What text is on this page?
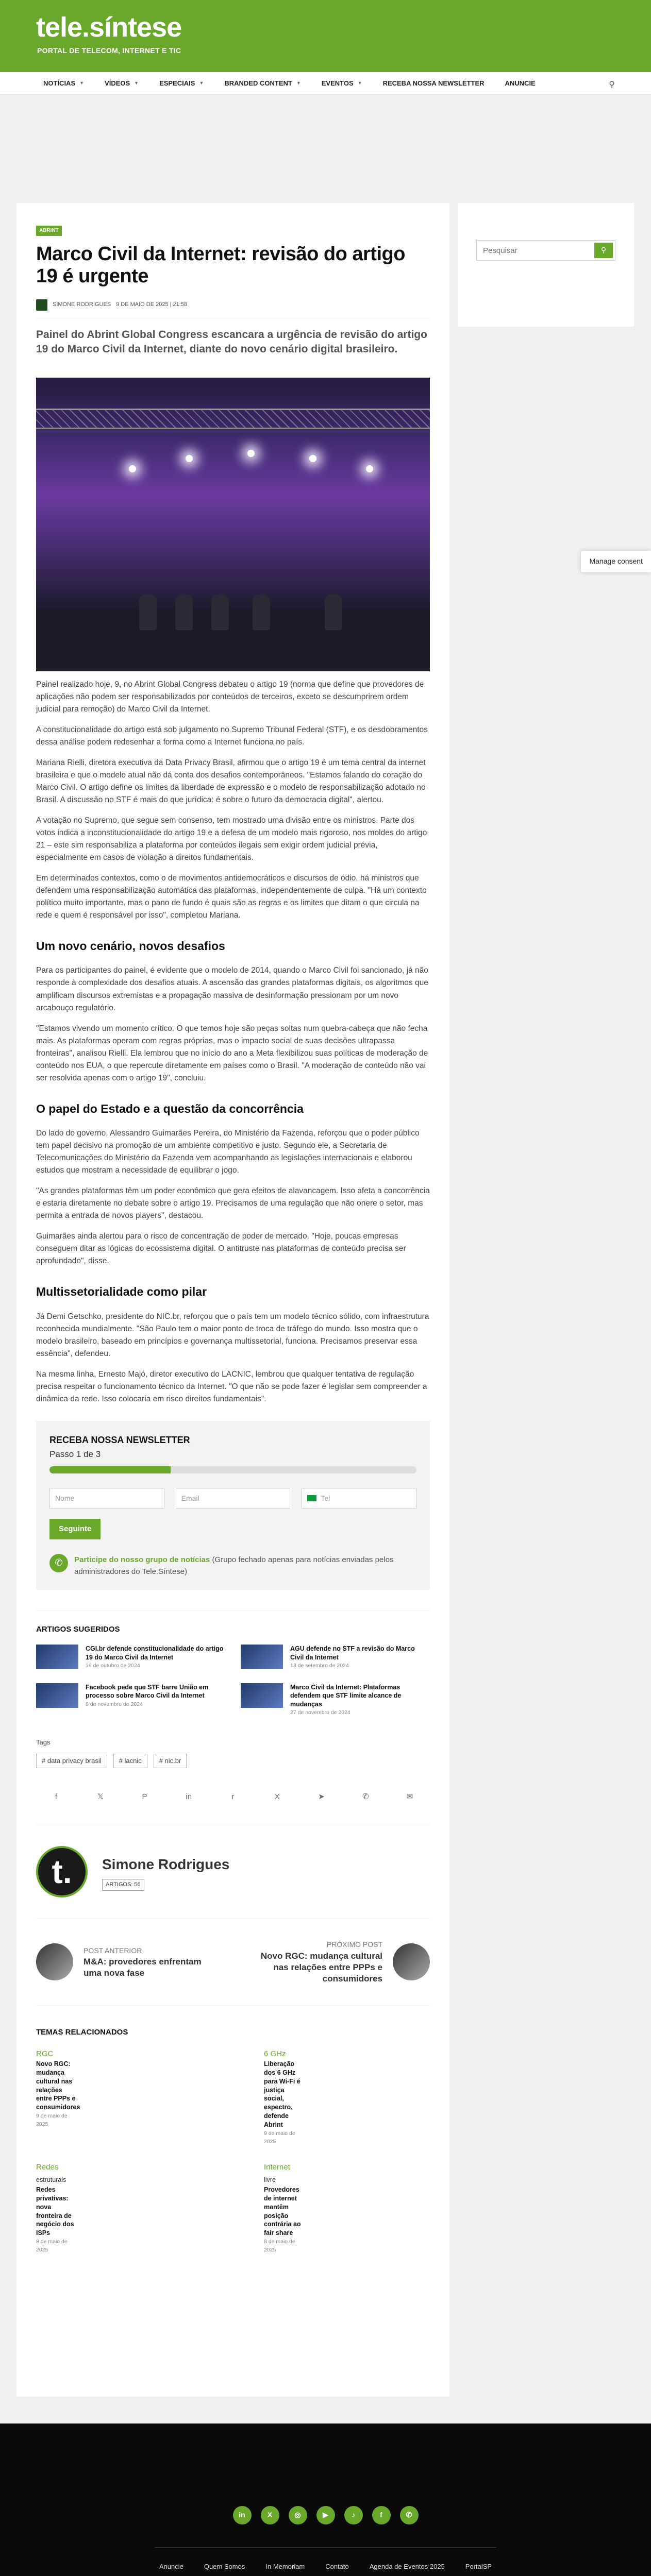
tele.síntese
PORTAL DE TELECOM, INTERNET E TIC
NOTÍCIAS ▼	VÍDEOS ▼	ESPECIAIS ▼	BRANDED CONTENT ▼	EVENTOS ▼	RECEBA NOSSA NEWSLETTER	ANUNCIE	⚲
ABRINT
Marco Civil da Internet: revisão do artigo 19 é urgente
SIMONE RODRIGUES 9 DE MAIO DE 2025 | 21:58
Painel do Abrint Global Congress escancara a urgência de revisão do artigo 19 do Marco Civil da Internet, diante do novo cenário digital brasileiro.

Painel realizado hoje, 9, no Abrint Global Congress debateu o artigo 19 (norma que define que provedores de aplicações não podem ser responsabilizados por conteúdos de terceiros, exceto se descumprirem ordem judicial para remoção) do Marco Civil da Internet.

A constitucionalidade do artigo está sob julgamento no Supremo Tribunal Federal (STF), e os desdobramentos dessa análise podem redesenhar a forma como a Internet funciona no país.

Mariana Rielli, diretora executiva da Data Privacy Brasil, afirmou que o artigo 19 é um tema central da internet brasileira e que o modelo atual não dá conta dos desafios contemporâneos. "Estamos falando do coração do Marco Civil. O artigo define os limites da liberdade de expressão e o modelo de responsabilização adotado no Brasil. A discussão no STF é mais do que jurídica: é sobre o futuro da democracia digital", alertou.

A votação no Supremo, que segue sem consenso, tem mostrado uma divisão entre os ministros. Parte dos votos indica a inconstitucionalidade do artigo 19 e a defesa de um modelo mais rigoroso, nos moldes do artigo 21 – este sim responsabiliza a plataforma por conteúdos ilegais sem exigir ordem judicial prévia, especialmente em casos de violação a direitos fundamentais.

Em determinados contextos, como o de movimentos antidemocráticos e discursos de ódio, há ministros que defendem uma responsabilização automática das plataformas, independentemente de culpa. "Há um contexto político muito importante, mas o pano de fundo é quais são as regras e os limites que ditam o que circula na rede e quem é responsável por isso", completou Mariana.

Um novo cenário, novos desafios

Para os participantes do painel, é evidente que o modelo de 2014, quando o Marco Civil foi sancionado, já não responde à complexidade dos desafios atuais. A ascensão das grandes plataformas digitais, os algoritmos que amplificam discursos extremistas e a propagação massiva de desinformação pressionam por um novo arcabouço regulatório.

"Estamos vivendo um momento crítico. O que temos hoje são peças soltas num quebra-cabeça que não fecha mais. As plataformas operam com regras próprias, mas o impacto social de suas decisões ultrapassa fronteiras", analisou Rielli. Ela lembrou que no início do ano a Meta flexibilizou suas políticas de moderação de conteúdo nos EUA, o que repercute diretamente em países como o Brasil. "A moderação de conteúdo não vai ser resolvida apenas com o artigo 19", concluiu.

O papel do Estado e a questão da concorrência

Do lado do governo, Alessandro Guimarães Pereira, do Ministério da Fazenda, reforçou que o poder público tem papel decisivo na promoção de um ambiente competitivo e justo. Segundo ele, a Secretaria de Telecomunicações do Ministério da Fazenda vem acompanhando as legislações internacionais e elaborou estudos que mostram a necessidade de equilibrar o jogo.

"As grandes plataformas têm um poder econômico que gera efeitos de alavancagem. Isso afeta a concorrência e estaria diretamente no debate sobre o artigo 19. Precisamos de uma regulação que não onere o setor, mas permita a entrada de novos players", destacou.

Guimarães ainda alertou para o risco de concentração de poder de mercado. "Hoje, poucas empresas conseguem ditar as lógicas do ecossistema digital. O antitruste nas plataformas de conteúdo precisa ser aprofundado", disse.

Multissetorialidade como pilar

Já Demi Getschko, presidente do NIC.br, reforçou que o país tem um modelo técnico sólido, com infraestrutura reconhecida mundialmente. "São Paulo tem o maior ponto de troca de tráfego do mundo. Isso mostra que o modelo brasileiro, baseado em princípios e governança multissetorial, funciona. Precisamos preservar essa essência", defendeu.

Na mesma linha, Ernesto Majó, diretor executivo do LACNIC, lembrou que qualquer tentativa de regulação precisa respeitar o funcionamento técnico da Internet. "O que não se pode fazer é legislar sem compreender a dinâmica da rede. Isso colocaria em risco direitos fundamentais".

RECEBA NOSSA NEWSLETTER
Passo 1 de 3
Nome	Email	Tel
Seguinte
✆	Participe do nosso grupo de notícias (Grupo fechado apenas para notícias enviadas pelos administradores do Tele.Síntese)
ARTIGOS SUGERIDOS
CGI.br defende constitucionalidade do artigo 19 do Marco Civil da Internet
16 de outubro de 2024
AGU defende no STF a revisão do Marco Civil da Internet
13 de setembro de 2024
Facebook pede que STF barre União em processo sobre Marco Civil da Internet
8 de novembro de 2024
Marco Civil da Internet: Plataformas defendem que STF limite alcance de mudanças
27 de novembro de 2024
Tags
# data privacy brasil	# lacnic	# nic.br
f	𝕏	P	in	r	X	➤	✆	✉
t.	Simone Rodrigues
ARTIGOS: 56
POST ANTERIOR
M&A: provedores enfrentam uma nova fase
PRÓXIMO POST
Novo RGC: mudança cultural nas relações entre PPPs e consumidores
TEMAS RELACIONADOS
RGC
Novo RGC: mudança cultural nas relações entre PPPs e consumidores
9 de maio de 2025
6 GHz
Liberação dos 6 GHz para Wi-Fi é justiça social, espectro, defende Abrint
9 de maio de 2025
Redes
estruturais
Redes privativas: nova fronteira de negócio dos ISPs
8 de maio de 2025
Internet
livre
Provedores de internet mantêm posição contrária ao fair share
8 de maio de 2025
Pesquisar
⚲
Manage consent
in	X	◎	▶	♪	f	✆
Anuncie	Quem Somos	In Memoriam	Contato	Agenda de Eventos 2025	PortalSP
